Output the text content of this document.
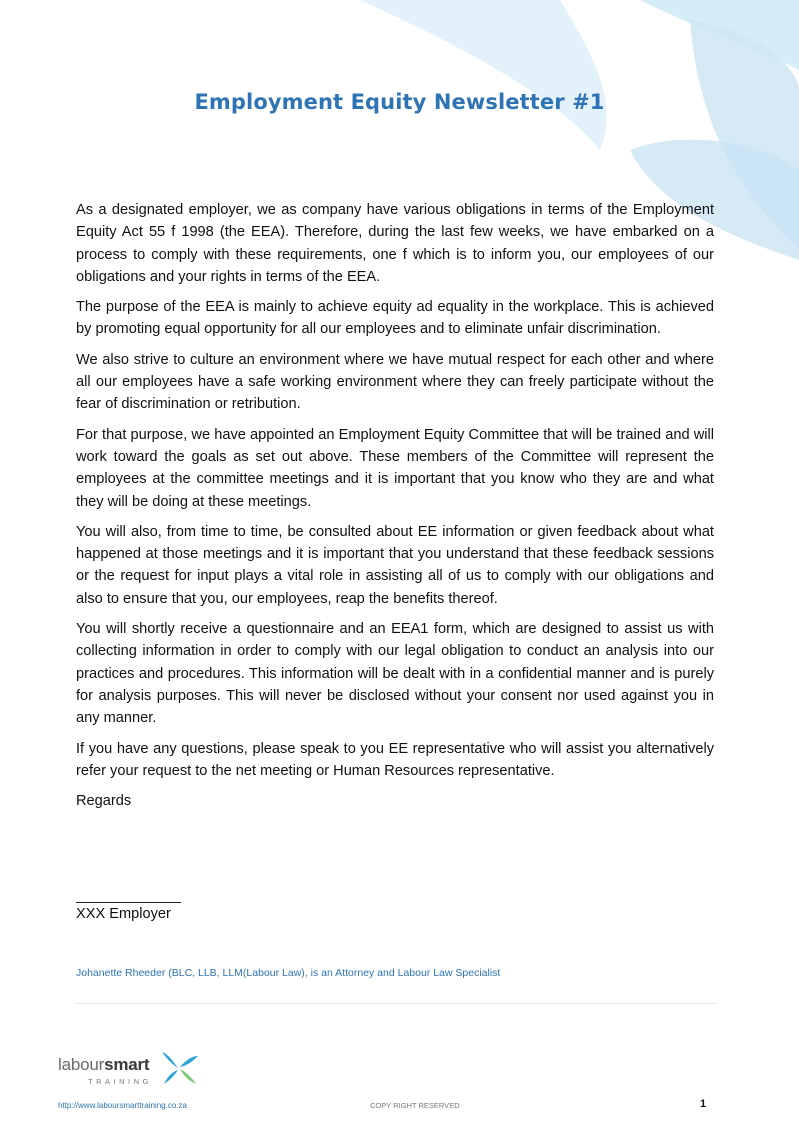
Employment Equity Newsletter #1

As a designated employer, we as company have various obligations in terms of the Employment Equity Act 55 f 1998 (the EEA). Therefore, during the last few weeks, we have embarked on a process to comply with these requirements, one f which is to inform you, our employees of our obligations and your rights in terms of the EEA.

The purpose of the EEA is mainly to achieve equity ad equality in the workplace. This is achieved by promoting equal opportunity for all our employees and to eliminate unfair discrimination.

We also strive to culture an environment where we have mutual respect for each other and where all our employees have a safe working environment where they can freely participate without the fear of discrimination or retribution.

For that purpose, we have appointed an Employment Equity Committee that will be trained and will work toward the goals as set out above. These members of the Committee will represent the employees at the committee meetings and it is important that you know who they are and what they will be doing at these meetings.

You will also, from time to time, be consulted about EE information or given feedback about what happened at those meetings and it is important that you understand that these feedback sessions or the request for input plays a vital role in assisting all of us to comply with our obligations and also to ensure that you, our employees, reap the benefits thereof.

You will shortly receive a questionnaire and an EEA1 form, which are designed to assist us with collecting information in order to comply with our legal obligation to conduct an analysis into our practices and procedures. This information will be dealt with in a confidential manner and is purely for analysis purposes. This will never be disclosed without your consent nor used against you in any manner.

If you have any questions, please speak to you EE representative who will assist you alternatively refer your request to the net meeting or Human Resources representative.

Regards

XXX Employer
Johanette Rheeder (BLC, LLB, LLM(Labour Law), is an Attorney and Labour Law Specialist
laboursmart
TRAINING
http://www.laboursmarttraining.co.za	COPY RIGHT RESERVED	1
